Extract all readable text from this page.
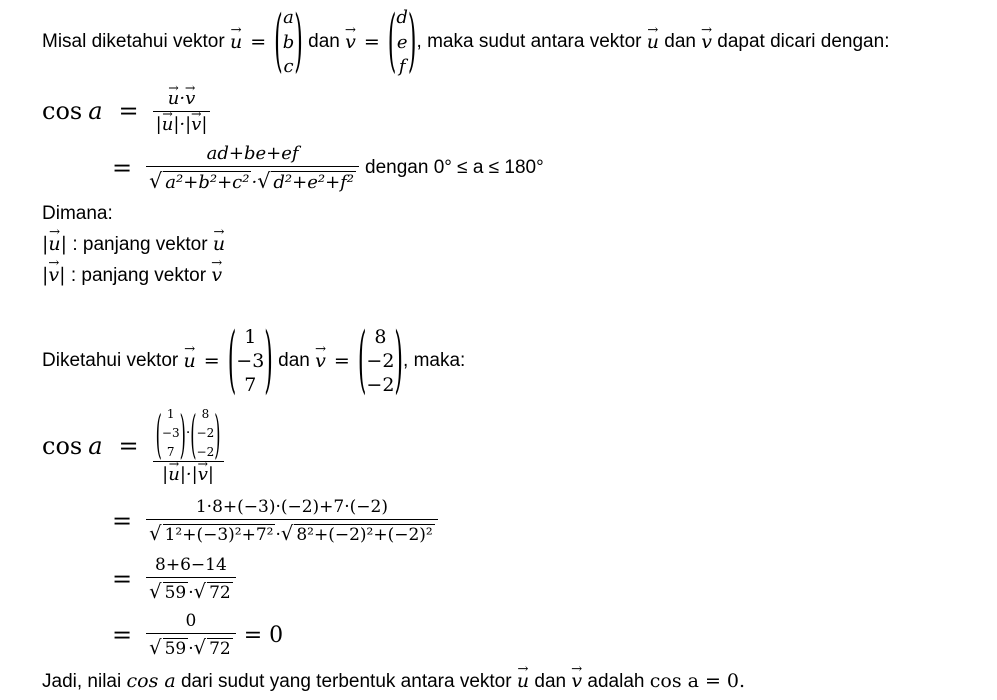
Misal diketahui vektor
→ u = ( a
b
c )
dan
→ v = ( d
e
f ) , maka sudut antara vektor
→ u
dan
→ v
dapat dicari dengan:
cos a = → $\frac{u\cdot\to v}{|\to u|\cdot|\to v|}$
= $\frac{ad+be+ef}{\text{√ a²+b²+c² ·√ d²+e²+f²}}$ dengan 0° ≤ a ≤ 180°
Dimana:
|→ u| : panjang vektor → u
|→ v| : panjang vektor → v
Diketahui vektor
→ u = ( 1
−3
7 )
dan
→ v = ( 8
−2
−2 ) , maka:
cos a = ( 1
−3
7 ) · ( 8
−2
−2 )
|→ u|·|→ v|
= $\frac{1\cdot 8+(-3)\cdot(-2)+7\cdot(-2)}{\text{√ 1²+(−3)²+7² ·√ 8²+(−2)²+(−2)²}}$
= $\frac{8+6-14}{√ 59 \cdot√ 72}$
= $\frac{0}{√ 59 \cdot√ 72} = 0$
Jadi, nilai cos a dari sudut yang terbentuk antara vektor → u dan → v adalah cos a = 0.
